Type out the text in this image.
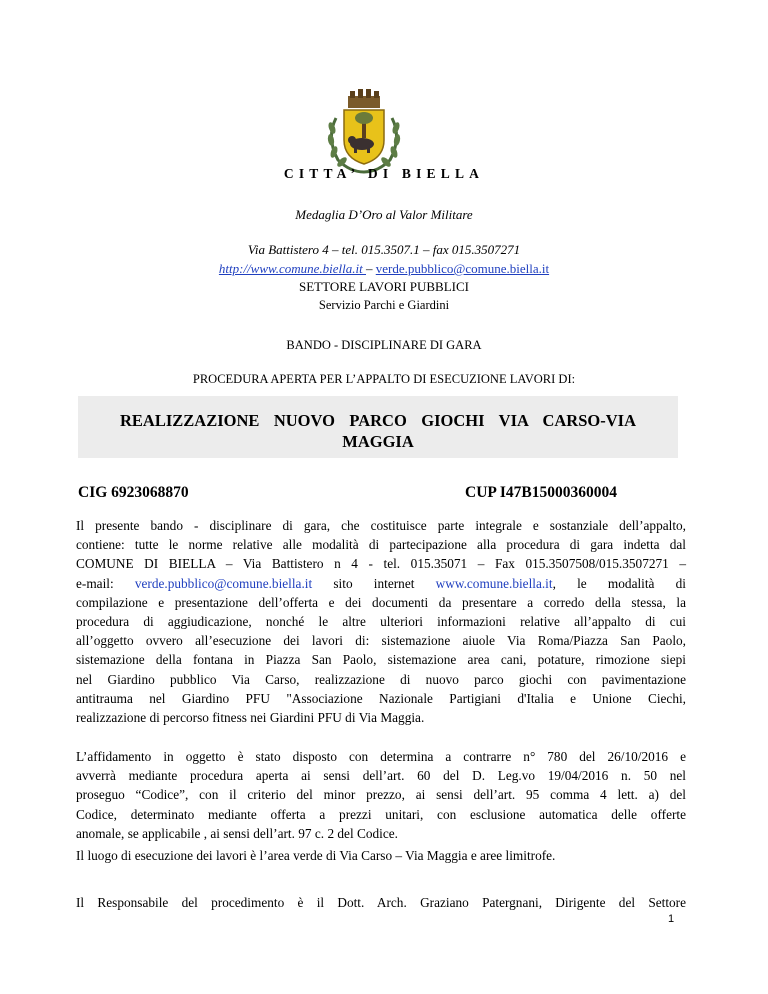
CITTA’ DI BIELLA
Medaglia D’Oro al Valor Militare
Via Battistero 4 – tel. 015.3507.1 – fax 015.3507271
http://www.comune.biella.it – verde.pubblico@comune.biella.it
SETTORE LAVORI PUBBLICI
Servizio Parchi e Giardini
BANDO - DISCIPLINARE DI GARA
PROCEDURA APERTA PER L’APPALTO DI ESECUZIONE LAVORI DI:
REALIZZAZIONE NUOVO PARCO GIOCHI VIA CARSO-VIA
MAGGIA
CIG 6923068870	CUP I47B15000360004
Il presente bando - disciplinare di gara, che costituisce parte integrale e sostanziale dell’appalto,
contiene: tutte le norme relative alle modalità di partecipazione alla procedura di gara indetta dal
COMUNE DI BIELLA – Via Battistero n 4 - tel. 015.35071 – Fax 015.3507508/015.3507271 –
e-mail: verde.pubblico@comune.biella.it sito internet www.comune.biella.it, le modalità di
compilazione e presentazione dell’offerta e dei documenti da presentare a corredo della stessa, la
procedura di aggiudicazione, nonché le altre ulteriori informazioni relative all’appalto di cui
all’oggetto ovvero all’esecuzione dei lavori di: sistemazione aiuole Via Roma/Piazza San Paolo,
sistemazione della fontana in Piazza San Paolo, sistemazione area cani, potature, rimozione siepi
nel Giardino pubblico Via Carso, realizzazione di nuovo parco giochi con pavimentazione
antitrauma nel Giardino PFU "Associazione Nazionale Partigiani d'Italia e Unione Ciechi,
realizzazione di percorso fitness nei Giardini PFU di Via Maggia.
L’affidamento in oggetto è stato disposto con determina a contrarre n° 780 del 26/10/2016 e
avverrà mediante procedura aperta ai sensi dell’art. 60 del D. Leg.vo 19/04/2016 n. 50 nel
proseguo “Codice”, con il criterio del minor prezzo, ai sensi dell’art. 95 comma 4 lett. a) del
Codice, determinato mediante offerta a prezzi unitari, con esclusione automatica delle offerte
anomale, se applicabile , ai sensi dell’art. 97 c. 2 del Codice.
Il luogo di esecuzione dei lavori è l’area verde di Via Carso – Via Maggia e aree limitrofe.
Il Responsabile del procedimento è il Dott. Arch. Graziano Patergnani, Dirigente del Settore
1
